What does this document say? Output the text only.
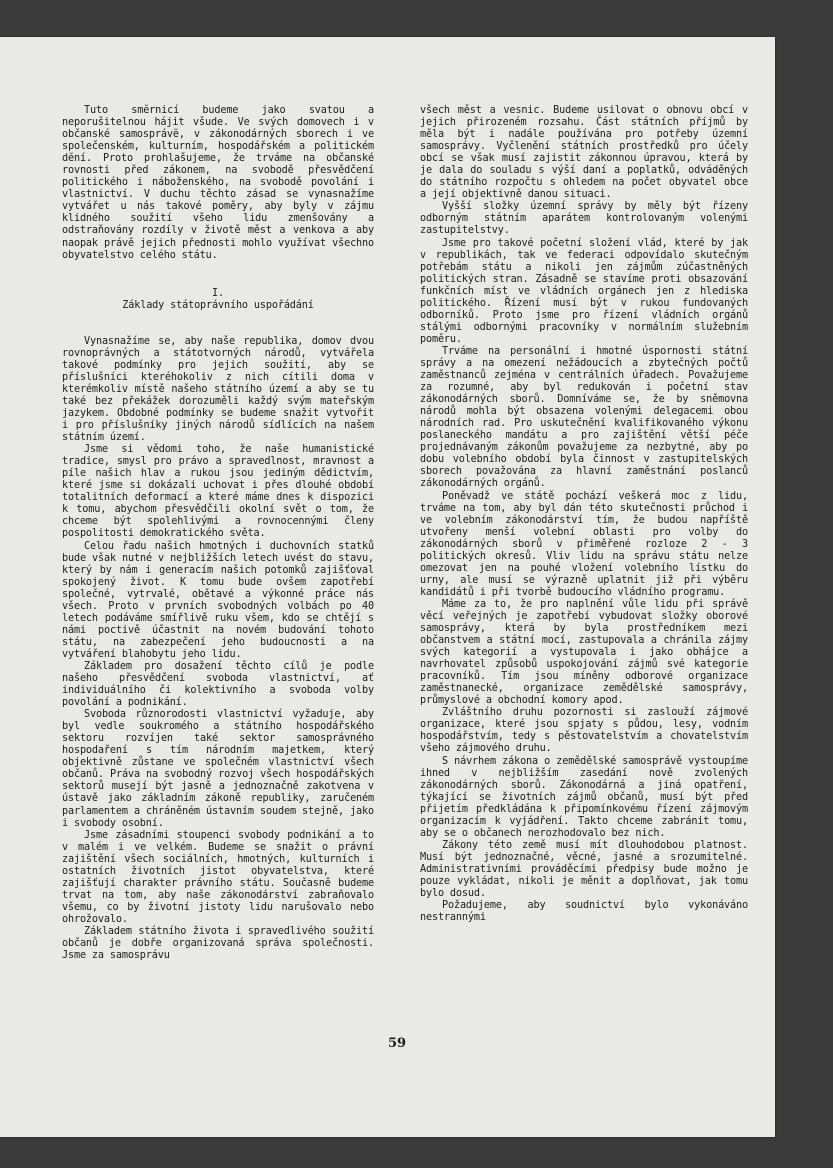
Tuto smĕrnicí budeme jako svatou a neporušitelnou hájit všude. Ve svých domovech i v občanské samosprávĕ, v zákonodárných sborech i ve společenském, kulturním, hospodářském a politickém dĕní. Proto prohlašujeme, že trváme na občanské rovnosti před zákonem, na svobodě přesvědčení politického i náboženského, na svobodě povolání i vlastnictví. V duchu těchto zásad se vynasnažíme vytvářet u nás takové poměry, aby byly v zájmu klidného soužití všeho lidu zmenšovány a odstraňovány rozdíly v životě měst a venkova a aby naopak právě jejich přednosti mohlo využívat všechno obyvatelstvo celého státu.

I.
Základy státoprávního uspořádání

Vynasnažíme se, aby naše republika, domov dvou rovnoprávných a státotvorných národů, vytvářela takové podmínky pro jejich soužití, aby se příslušníci kteréhokoliv z nich cítili doma v kterémkoliv místě našeho státního území a aby se tu také bez překážek dorozuměli každý svým mateřským jazykem. Obdobné podmínky se budeme snažit vytvořit i pro příslušníky jiných národů sídlících na našem státním území.

Jsme si vědomi toho, že naše humanistické tradice, smysl pro právo a spravedlnost, mravnost a píle našich hlav a rukou jsou jediným dědictvím, které jsme si dokázali uchovat i přes dlouhé období totalitních deformací a které máme dnes k dispozici k tomu, abychom přesvědčili okolní svět o tom, že chceme být spolehlivými a rovnocennými členy pospolitosti demokratického světa.

Celou řadu našich hmotných i duchovních statků bude však nutné v nejbližších letech uvést do stavu, který by nám i generacím našich potomků zajišťoval spokojený život. K tomu bude ovšem zapotřebí společné, vytrvalé, obětavé a výkonné práce nás všech. Proto v prvních svobodných volbách po 40 letech podáváme smířlivě ruku všem, kdo se chtějí s námi poctivě účastnit na novém budování tohoto státu, na zabezpečení jeho budoucnosti a na vytváření blahobytu jeho lidu.

Základem pro dosažení těchto cílů je podle našeho přesvědčení svoboda vlastnictví, ať individuálního či kolektivního a svoboda volby povolání a podnikání.

Svoboda různorodosti vlastnictví vyžaduje, aby byl vedle soukromého a státního hospodářského sektoru rozvíjen také sektor samosprávného hospodaření s tím národním majetkem, který objektivně zůstane ve společném vlastnictví všech občanů. Práva na svobodný rozvoj všech hospodářských sektorů musejí být jasně a jednoznačně zakotvena v ústavě jako základním zákoně republiky, zaručeném parlamentem a chráněném ústavním soudem stejně, jako i svobody osobní.

Jsme zásadními stoupenci svobody podnikání a to v malém i ve velkém. Budeme se snažit o právní zajištění všech sociálních, hmotných, kulturních i ostatních životních jistot obyvatelstva, které zajišťují charakter právního státu. Současně budeme trvat na tom, aby naše zákonodárství zabraňovalo všemu, co by životní jistoty lidu narušovalo nebo ohrožovalo.

Základem státního života i spravedlivého soužití občanů je dobře organizovaná správa společnosti. Jsme za samosprávu

všech měst a vesnic. Budeme usilovat o obnovu obcí v jejich přirozeném rozsahu. Část státních příjmů by měla být i nadále používána pro potřeby územní samosprávy. Vyčlenění státních prostředků pro účely obcí se však musí zajistit zákonnou úpravou, která by je dala do souladu s výší daní a poplatků, odváděných do státního rozpočtu s ohledem na počet obyvatel obce a její objektivně danou situaci.

Vyšší složky územní správy by měly být řízeny odborným státním aparátem kontrolovaným volenými zastupitelstvy.

Jsme pro takové početní složení vlád, které by jak v republikách, tak ve federaci odpovídalo skutečným potřebám státu a nikoli jen zájmům zúčastněných politických stran. Zásadně se stavíme proti obsazování funkčních míst ve vládních orgánech jen z hlediska politického. Řízení musí být v rukou fundovaných odborníků. Proto jsme pro řízení vládních orgánů stálými odbornými pracovníky v normálním služebním poměru.

Trváme na personální i hmotné úspornosti státní správy a na omezení nežádoucích a zbytečných počtů zaměstnanců zejména v centrálních úřadech. Považujeme za rozumné, aby byl redukován i početní stav zákonodárných sborů. Domníváme se, že by sněmovna národů mohla být obsazena volenými delegacemi obou národních rad. Pro uskutečnění kvalifikovaného výkonu poslaneckého mandátu a pro zajištění větší péče projednávaným zákonům považujeme za nezbytné, aby po dobu volebního období byla činnost v zastupitelských sborech považována za hlavní zaměstnání poslanců zákonodárných orgánů.

Poněvadž ve státě pochází veškerá moc z lidu, trváme na tom, aby byl dán této skutečnosti průchod i ve volebním zákonodárství tím, že budou napříště utvořeny menší volební oblasti pro volby do zákonodárných sborů v přiměřené rozloze 2 - 3 politických okresů. Vliv lidu na správu státu nelze omezovat jen na pouhé vložení volebního lístku do urny, ale musí se výrazně uplatnit již při výběru kandidátů i při tvorbě budoucího vládního programu.

Máme za to, že pro naplnění vůle lidu při správě věcí veřejných je zapotřebí vybudovat složky oborové samosprávy, která by byla prostředníkem mezi občanstvem a státní mocí, zastupovala a chránila zájmy svých kategorií a vystupovala i jako obhájce a navrhovatel způsobů uspokojování zájmů své kategorie pracovníků. Tím jsou míněny odborové organizace zaměstnanecké, organizace zemědělské samosprávy, průmyslové a obchodní komory apod.

Zvláštního druhu pozornosti si zaslouží zájmové organizace, které jsou spjaty s půdou, lesy, vodním hospodářstvím, tedy s pěstovatelstvím a chovatelstvím všeho zájmového druhu.

S návrhem zákona o zemědělské samosprávě vystoupíme ihned v nejbližším zasedání nově zvolených zákonodárných sborů. Zákonodárná a jiná opatření, týkající se životních zájmů občanů, musí být před přijetím předkládána k připomínkovému řízení zájmovým organizacím k vyjádření. Takto chceme zabránit tomu, aby se o občanech nerozhodovalo bez nich.

Zákony této země musí mít dlouhodobou platnost. Musí být jednoznačné, věcné, jasné a srozumitelné. Administrativními prováděcími předpisy bude možno je pouze vykládat, nikoli je měnit a doplňovat, jak tomu bylo dosud.

Požadujeme, aby soudnictví bylo vykonáváno nestrannými

59
